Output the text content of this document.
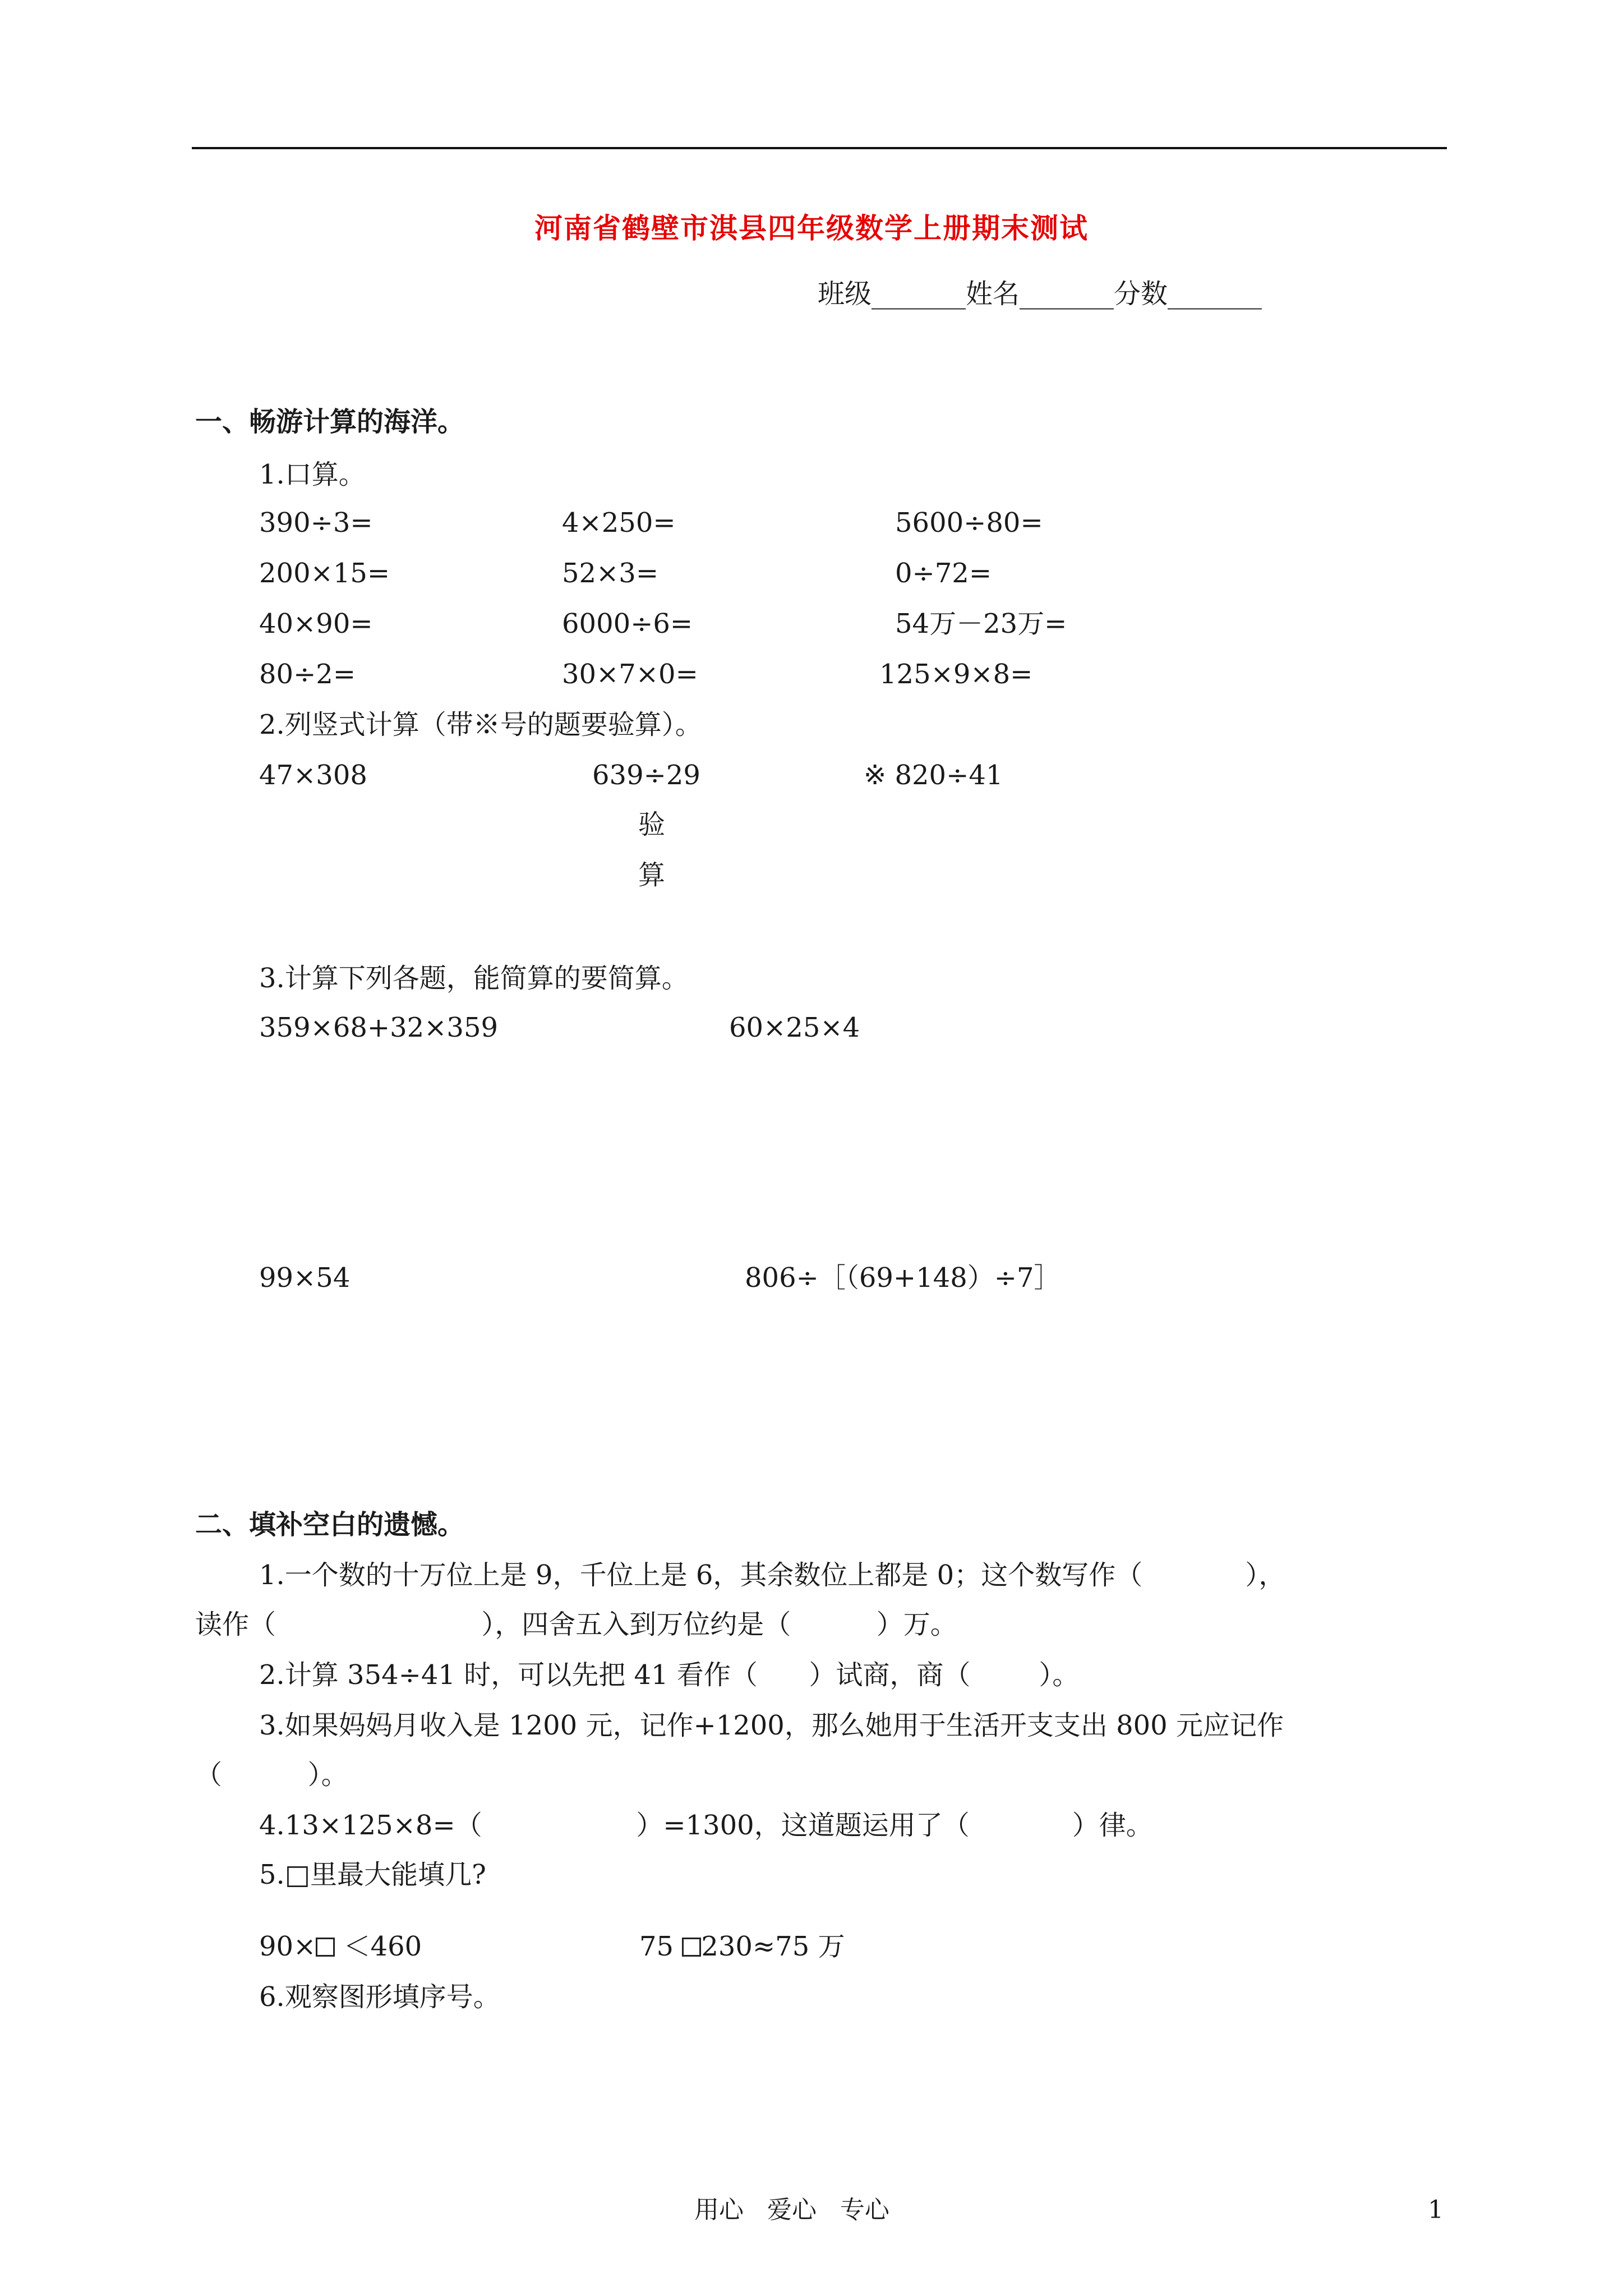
河南省鹤壁市淇县四年级数学上册期末测试
班级_______姓名_______分数_______
一、畅游计算的海洋。
1.口算。
390÷3=	4×250=	5600÷80=
200×15=	52×3=	0÷72=
40×90=	6000÷6=	54万－23万=
80÷2=	30×7×0=	125×9×8=
2.列竖式计算（带※号的题要验算）。
47×308	639÷29	※ 820÷41
验
算
3.计算下列各题，能简算的要简算。
359×68+32×359	60×25×4
99×54	806÷［（69+148）÷7］
二、填补空白的遗憾。
1.一个数的十万位上是 9，千位上是 6，其余数位上都是 0；这个数写作（            ），
读作（                        ），四舍五入到万位约是（          ）万。
2.计算 354÷41 时，可以先把 41 看作（      ）试商，商（        ）。
3.如果妈妈月收入是 1200 元，记作+1200，那么她用于生活开支支出 800 元应记作
（          ）。
4.13×125×8=（                  ）=1300，这道题运用了（            ）律。
5.□里最大能填几?
90× ＜460	75 230≈75 万
6.观察图形填序号。
用心   爱心   专心	1
